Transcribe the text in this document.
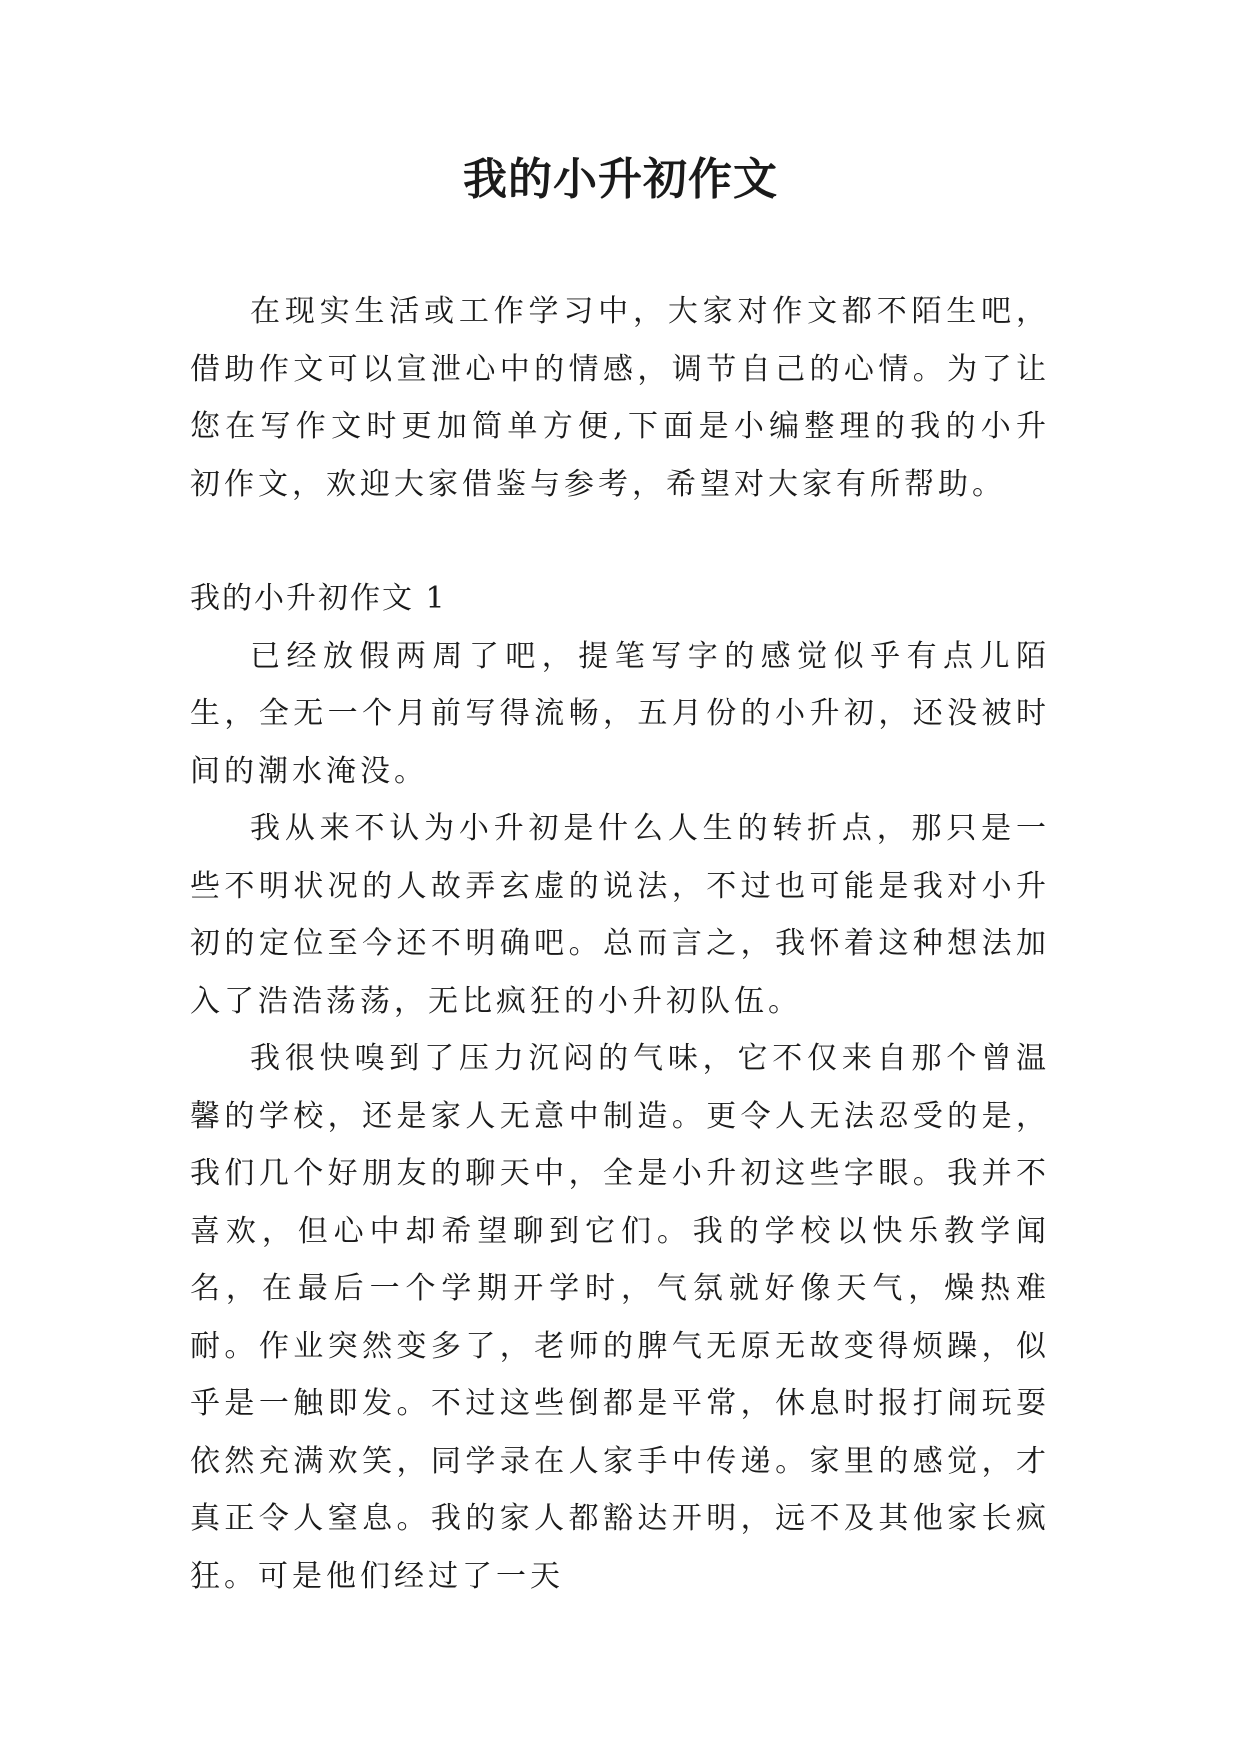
我的小升初作文

在现实生活或工作学习中，大家对作文都不陌生吧，借助作文可以宣泄心中的情感，调节自己的心情。为了让您在写作文时更加简单方便,下面是小编整理的我的小升初作文，欢迎大家借鉴与参考，希望对大家有所帮助。

我的小升初作文 1

已经放假两周了吧，提笔写字的感觉似乎有点儿陌生，全无一个月前写得流畅，五月份的小升初，还没被时间的潮水淹没。

我从来不认为小升初是什么人生的转折点，那只是一些不明状况的人故弄玄虚的说法，不过也可能是我对小升初的定位至今还不明确吧。总而言之，我怀着这种想法加入了浩浩荡荡，无比疯狂的小升初队伍。

我很快嗅到了压力沉闷的气味，它不仅来自那个曾温馨的学校，还是家人无意中制造。更令人无法忍受的是，我们几个好朋友的聊天中，全是小升初这些字眼。我并不喜欢，但心中却希望聊到它们。我的学校以快乐教学闻名，在最后一个学期开学时，气氛就好像天气，燥热难耐。作业突然变多了，老师的脾气无原无故变得烦躁，似乎是一触即发。不过这些倒都是平常，休息时报打闹玩耍依然充满欢笑，同学录在人家手中传递。家里的感觉，才真正令人窒息。我的家人都豁达开明，远不及其他家长疯狂。可是他们经过了一天
